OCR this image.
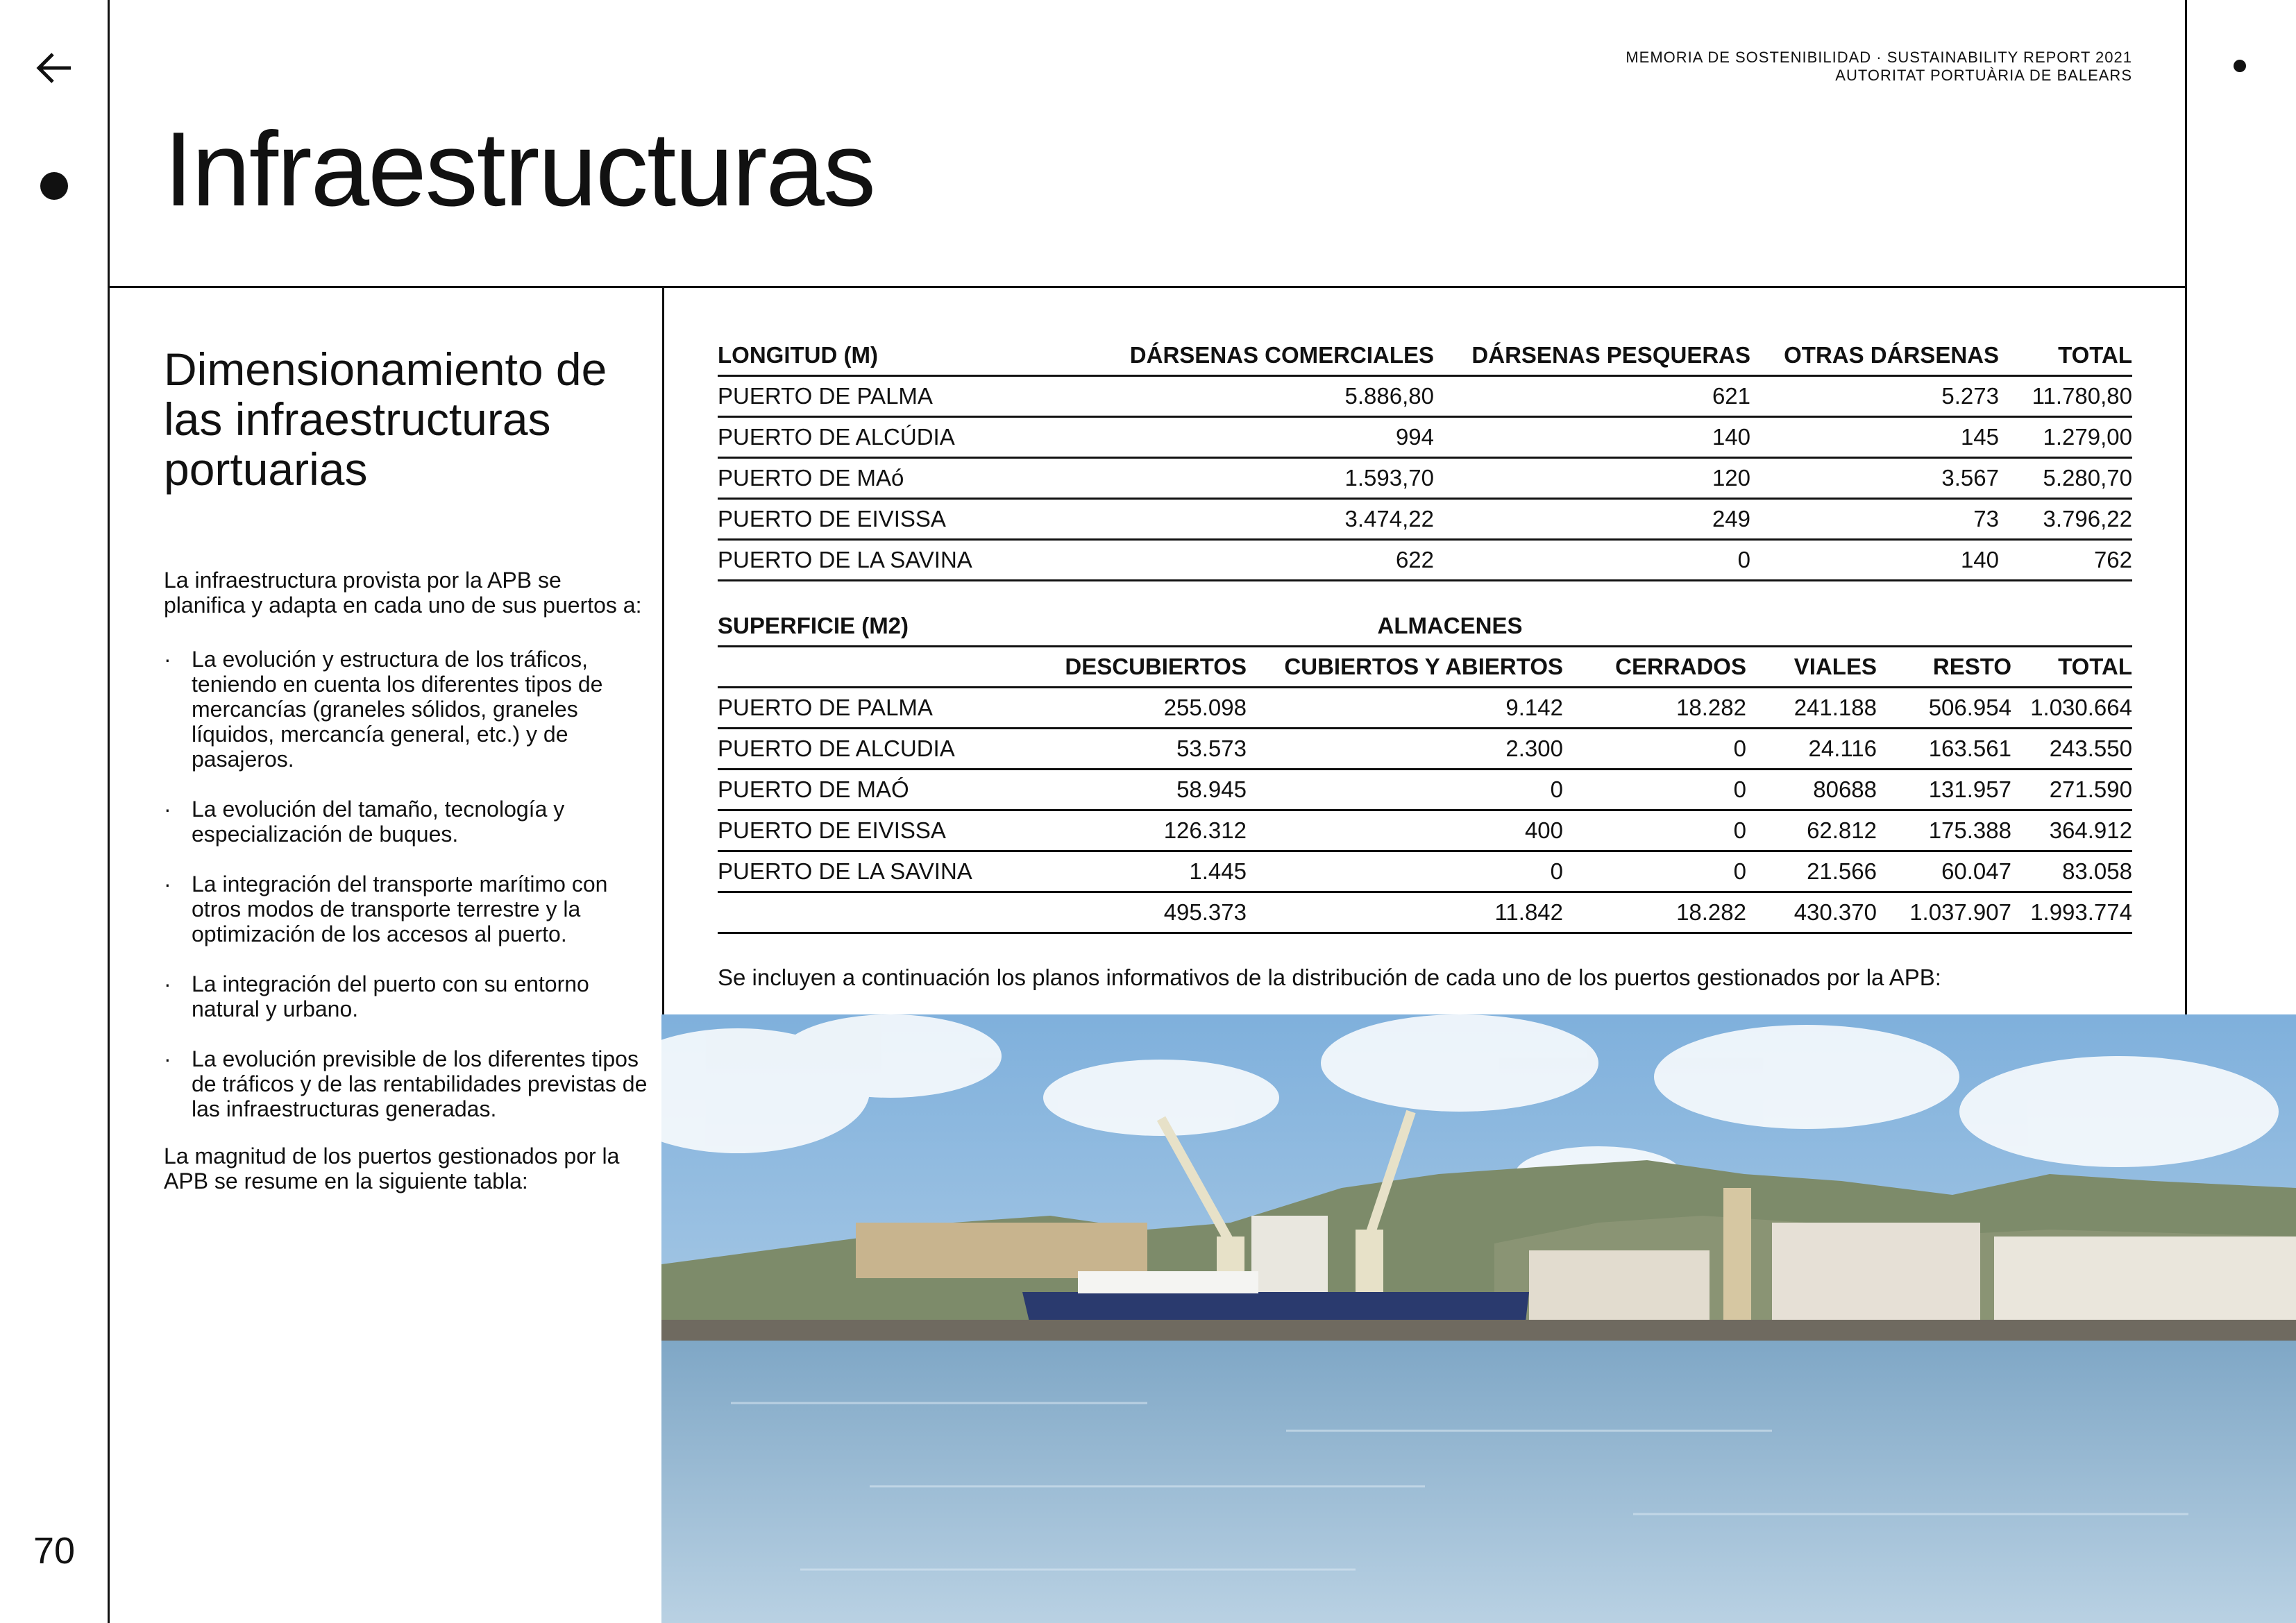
MEMORIA DE SOSTENIBILIDAD · SUSTAINABILITY REPORT 2021
AUTORITAT PORTUÀRIA DE BALEARS
Infraestructuras
Dimensionamiento de las infraestructuras portuarias
La infraestructura provista por la APB se planifica y adapta en cada uno de sus puertos a:
· La evolución y estructura de los tráficos, teniendo en cuenta los diferentes tipos de mercancías (graneles sólidos, graneles líquidos, mercancía general, etc.) y de pasajeros.
· La evolución del tamaño, tecnología y especialización de buques.
· La integración del transporte marítimo con otros modos de transporte terrestre y la optimización de los accesos al puerto.
· La integración del puerto con su entorno natural y urbano.
· La evolución previsible de los diferentes tipos de tráficos y de las rentabilidades previstas de las infraestructuras generadas.
La magnitud de los puertos gestionados por la APB se resume en la siguiente tabla:
LONGITUD (M)	DÁRSENAS COMERCIALES	DÁRSENAS PESQUERAS	OTRAS DÁRSENAS	TOTAL
PUERTO DE PALMA	5.886,80	621	5.273	11.780,80
PUERTO DE ALCÚDIA	994	140	145	1.279,00
PUERTO DE MAó	1.593,70	120	3.567	5.280,70
PUERTO DE EIVISSA	3.474,22	249	73	3.796,22
PUERTO DE LA SAVINA	622	0	140	762
SUPERFICIE (M2)	ALMACENES					
	DESCUBIERTOS	CUBIERTOS Y ABIERTOS	CERRADOS	VIALES	RESTO	TOTAL
PUERTO DE PALMA	255.098	9.142	18.282	241.188	506.954	1.030.664
PUERTO DE ALCUDIA	53.573	2.300	0	24.116	163.561	243.550
PUERTO DE MAÓ	58.945	0	0	80688	131.957	271.590
PUERTO DE EIVISSA	126.312	400	0	62.812	175.388	364.912
PUERTO DE LA SAVINA	1.445	0	0	21.566	60.047	83.058
	495.373	11.842	18.282	430.370	1.037.907	1.993.774
Se incluyen a continuación los planos informativos de la distribución de cada uno de los puertos gestionados por la APB:
70
